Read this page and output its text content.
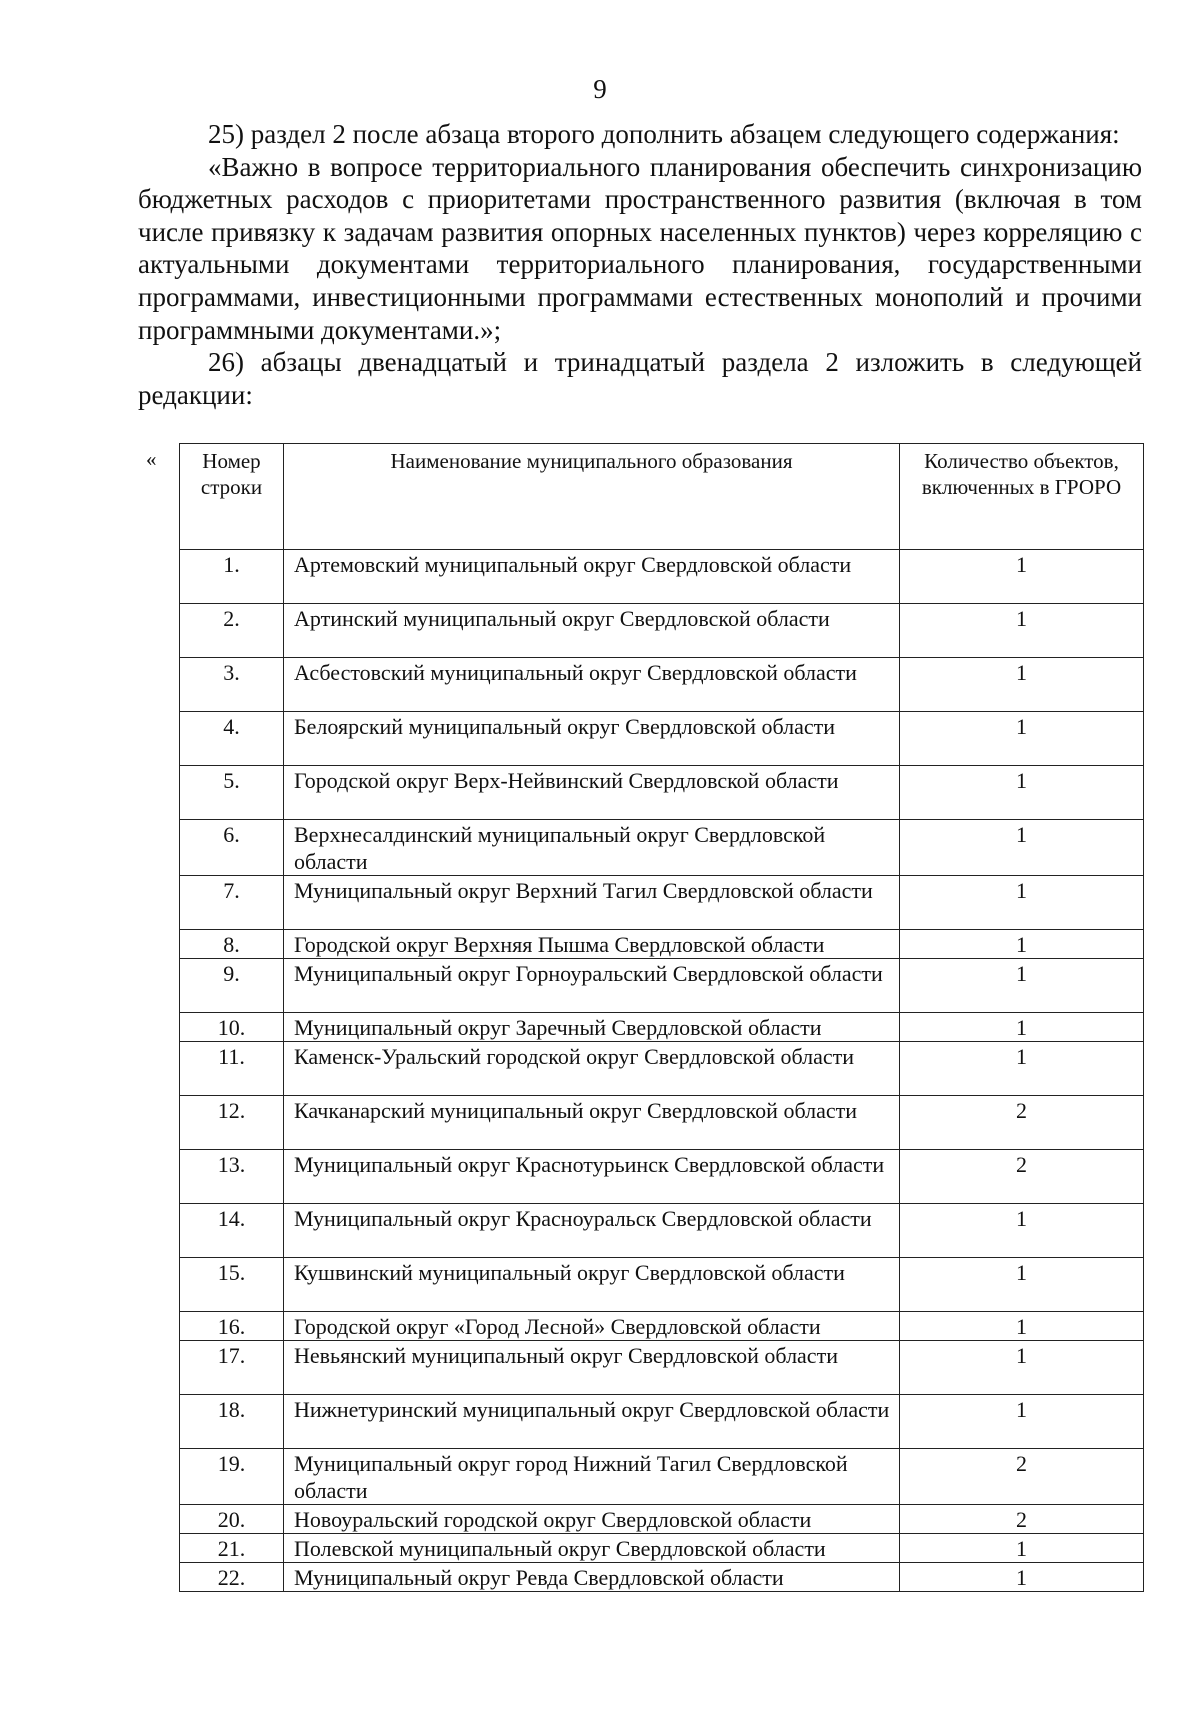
9

25) раздел 2 после абзаца второго дополнить абзацем следующего содержания:

«Важно в вопросе территориального планирования обеспечить синхронизацию бюджетных расходов с приоритетами пространственного развития (включая в том числе привязку к задачам развития опорных населенных пунктов) через корреляцию с актуальными документами территориального планирования, государственными программами, инвестиционными программами естественных монополий и прочими программными документами.»;

26) абзацы двенадцатый и тринадцатый раздела 2 изложить в следующей редакции:

« Номер строки	Наименование муниципального образования	Количество объектов, включенных в ГРОРО
1.	Артемовский муниципальный округ Свердловской области	1
2.	Артинский муниципальный округ Свердловской области	1
3.	Асбестовский муниципальный округ Свердловской области	1
4.	Белоярский муниципальный округ Свердловской области	1
5.	Городской округ Верх-Нейвинский Свердловской области	1
6.	Верхнесалдинский муниципальный округ Свердловской области	1
7.	Муниципальный округ Верхний Тагил Свердловской области	1
8.	Городской округ Верхняя Пышма Свердловской области	1
9.	Муниципальный округ Горноуральский Свердловской области	1
10.	Муниципальный округ Заречный Свердловской области	1
11.	Каменск-Уральский городской округ Свердловской области	1
12.	Качканарский муниципальный округ Свердловской области	2
13.	Муниципальный округ Краснотурьинск Свердловской области	2
14.	Муниципальный округ Красноуральск Свердловской области	1
15.	Кушвинский муниципальный округ Свердловской области	1
16.	Городской округ «Город Лесной» Свердловской области	1
17.	Невьянский муниципальный округ Свердловской области	1
18.	Нижнетуринский муниципальный округ Свердловской области	1
19.	Муниципальный округ город Нижний Тагил Свердловской области	2
20.	Новоуральский городской округ Свердловской области	2
21.	Полевской муниципальный округ Свердловской области	1
22.	Муниципальный округ Ревда Свердловской области	1
